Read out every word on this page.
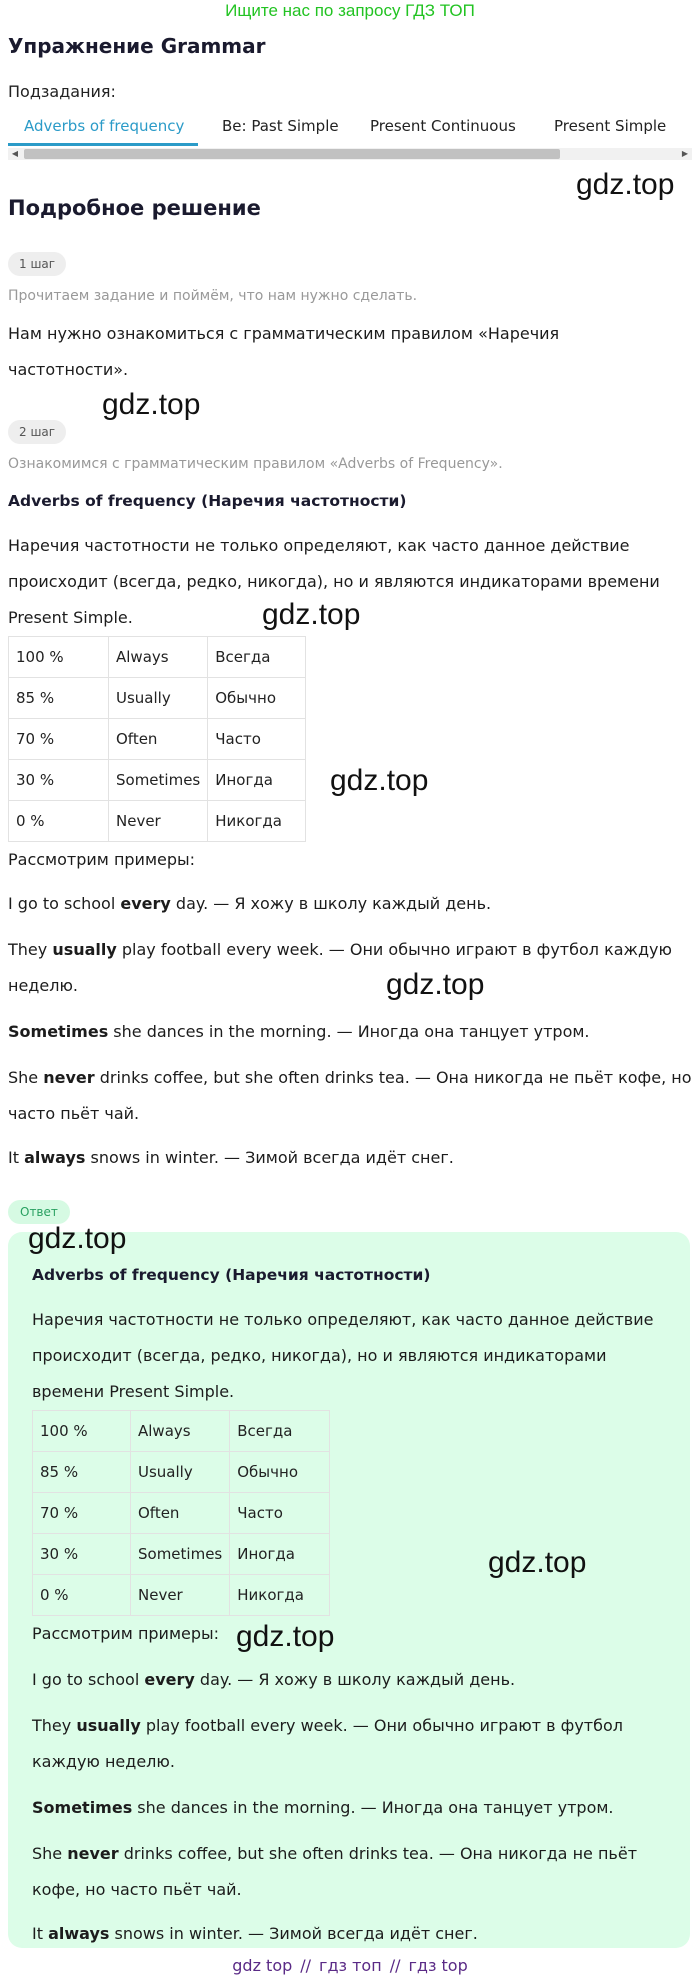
Ищите нас по запросу ГДЗ ТОП
Упражнение Grammar
Подзадания:
Adverbs of frequency	Be: Past Simple Present Continuous	Present Simple
◀	▶
gdz.top
gdz.top
gdz.top
gdz.top
gdz.top
Подробное решение
1 шаг
Прочитаем задание и поймём, что нам нужно сделать.
Нам нужно ознакомиться с грамматическим правилом «Наречия
частотности».
2 шаг
Ознакомимся с грамматическим правилом «Adverbs of Frequency».
Adverbs of frequency (Наречия частотности)
Наречия частотности не только определяют, как часто данное действие
происходит (всегда, редко, никогда), но и являются индикаторами времени
Present Simple.
100 %	Always	Всегда
85 %	Usually	Обычно
70 %	Often	Часто
30 %	Sometimes	Иногда
0 %	Never	Никогда
Рассмотрим примеры:
I go to school every day. — Я хожу в школу каждый день.
They usually play football every week. — Они обычно играют в футбол каждую
неделю.
Sometimes she dances in the morning. — Иногда она танцует утром.
She never drinks coffee, but she often drinks tea. — Она никогда не пьёт кофе, но
часто пьёт чай.
It always snows in winter. — Зимой всегда идёт снег.
Ответ
gdz.top
gdz.top
gdz.top
Adverbs of frequency (Наречия частотности)
Наречия частотности не только определяют, как часто данное действие
происходит (всегда, редко, никогда), но и являются индикаторами
времени Present Simple.
100 %	Always	Всегда
85 %	Usually	Обычно
70 %	Often	Часто
30 %	Sometimes	Иногда
0 %	Never	Никогда
Рассмотрим примеры:
I go to school every day. — Я хожу в школу каждый день.
They usually play football every week. — Они обычно играют в футбол
каждую неделю.
Sometimes she dances in the morning. — Иногда она танцует утром.
She never drinks coffee, but she often drinks tea. — Она никогда не пьёт
кофе, но часто пьёт чай.
It always snows in winter. — Зимой всегда идёт снег.
gdz top // гдз топ // гдз top
